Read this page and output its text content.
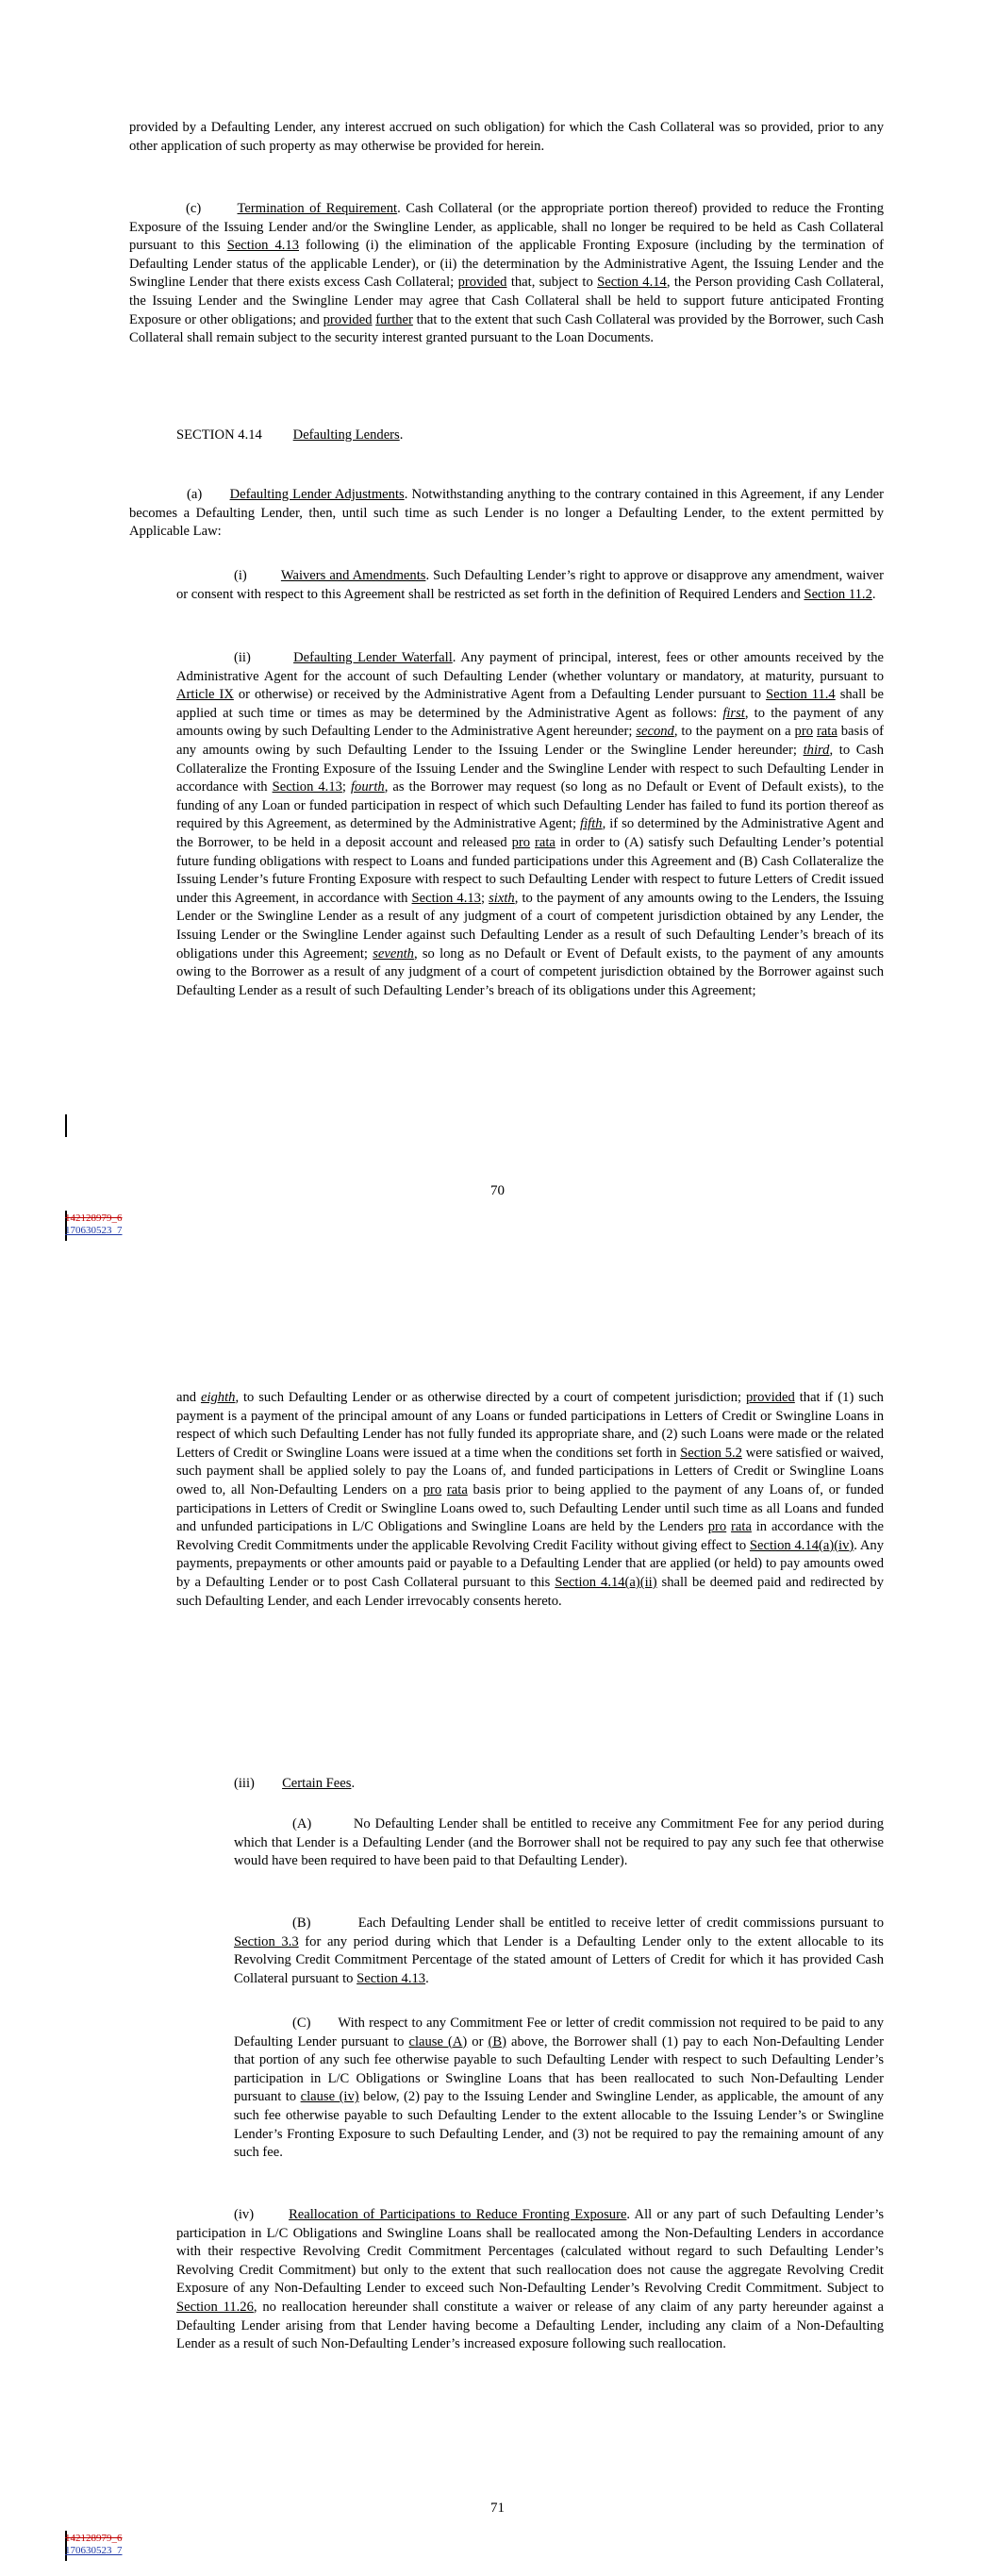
provided by a Defaulting Lender, any interest accrued on such obligation) for which the Cash Collateral was so provided, prior to any other application of such property as may otherwise be provided for herein.

(c)	Termination of Requirement. Cash Collateral (or the appropriate portion thereof) provided to reduce the Fronting Exposure of the Issuing Lender and/or the Swingline Lender, as applicable, shall no longer be required to be held as Cash Collateral pursuant to this Section 4.13 following (i) the elimination of the applicable Fronting Exposure (including by the termination of Defaulting Lender status of the applicable Lender), or (ii) the determination by the Administrative Agent, the Issuing Lender and the Swingline Lender that there exists excess Cash Collateral; provided that, subject to Section 4.14, the Person providing Cash Collateral, the Issuing Lender and the Swingline Lender may agree that Cash Collateral shall be held to support future anticipated Fronting Exposure or other obligations; and provided further that to the extent that such Cash Collateral was provided by the Borrower, such Cash Collateral shall remain subject to the security interest granted pursuant to the Loan Documents.

SECTION 4.14 Defaulting Lenders.

(a) Defaulting Lender Adjustments. Notwithstanding anything to the contrary contained in this Agreement, if any Lender becomes a Defaulting Lender, then, until such time as such Lender is no longer a Defaulting Lender, to the extent permitted by Applicable Law:

(i) Waivers and Amendments. Such Defaulting Lender’s right to approve or disapprove any amendment, waiver or consent with respect to this Agreement shall be restricted as set forth in the definition of Required Lenders and Section 11.2.

(ii)	Defaulting Lender Waterfall. Any payment of principal, interest, fees or other amounts received by the Administrative Agent for the account of such Defaulting Lender (whether voluntary or mandatory, at maturity, pursuant to Article IX or otherwise) or received by the Administrative Agent from a Defaulting Lender pursuant to Section 11.4 shall be applied at such time or times as may be determined by the Administrative Agent as follows: first, to the payment of any amounts owing by such Defaulting Lender to the Administrative Agent hereunder; second, to the payment on a pro rata basis of any amounts owing by such Defaulting Lender to the Issuing Lender or the Swingline Lender hereunder; third, to Cash Collateralize the Fronting Exposure of the Issuing Lender and the Swingline Lender with respect to such Defaulting Lender in accordance with Section 4.13; fourth, as the Borrower may request (so long as no Default or Event of Default exists), to the funding of any Loan or funded participation in respect of which such Defaulting Lender has failed to fund its portion thereof as required by this Agreement, as determined by the Administrative Agent; fifth, if so determined by the Administrative Agent and the Borrower, to be held in a deposit account and released pro rata in order to (A) satisfy such Defaulting Lender’s potential future funding obligations with respect to Loans and funded participations under this Agreement and (B) Cash Collateralize the Issuing Lender’s future Fronting Exposure with respect to such Defaulting Lender with respect to future Letters of Credit issued under this Agreement, in accordance with Section 4.13; sixth, to the payment of any amounts owing to the Lenders, the Issuing Lender or the Swingline Lender as a result of any judgment of a court of competent jurisdiction obtained by any Lender, the Issuing Lender or the Swingline Lender against such Defaulting Lender as a result of such Defaulting Lender’s breach of its obligations under this Agreement; seventh, so long as no Default or Event of Default exists, to the payment of any amounts owing to the Borrower as a result of any judgment of a court of competent jurisdiction obtained by the Borrower against such Defaulting Lender as a result of such Defaulting Lender’s breach of its obligations under this Agreement;

70
142128979_6
170630523_7

and eighth, to such Defaulting Lender or as otherwise directed by a court of competent jurisdiction; provided that if (1) such payment is a payment of the principal amount of any Loans or funded participations in Letters of Credit or Swingline Loans in respect of which such Defaulting Lender has not fully funded its appropriate share, and (2) such Loans were made or the related Letters of Credit or Swingline Loans were issued at a time when the conditions set forth in Section 5.2 were satisfied or waived, such payment shall be applied solely to pay the Loans of, and funded participations in Letters of Credit or Swingline Loans owed to, all Non-Defaulting Lenders on a pro rata basis prior to being applied to the payment of any Loans of, or funded participations in Letters of Credit or Swingline Loans owed to, such Defaulting Lender until such time as all Loans and funded and unfunded participations in L/C Obligations and Swingline Loans are held by the Lenders pro rata in accordance with the Revolving Credit Commitments under the applicable Revolving Credit Facility without giving effect to Section 4.14(a)(iv). Any payments, prepayments or other amounts paid or payable to a Defaulting Lender that are applied (or held) to pay amounts owed by a Defaulting Lender or to post Cash Collateral pursuant to this Section 4.14(a)(ii) shall be deemed paid and redirected by such Defaulting Lender, and each Lender irrevocably consents hereto.

(iii) Certain Fees.

(A)	No Defaulting Lender shall be entitled to receive any Commitment Fee for any period during which that Lender is a Defaulting Lender (and the Borrower shall not be required to pay any such fee that otherwise would have been required to have been paid to that Defaulting Lender).

(B)	Each Defaulting Lender shall be entitled to receive letter of credit commissions pursuant to Section 3.3 for any period during which that Lender is a Defaulting Lender only to the extent allocable to its Revolving Credit Commitment Percentage of the stated amount of Letters of Credit for which it has provided Cash Collateral pursuant to Section 4.13.

(C) With respect to any Commitment Fee or letter of credit commission not required to be paid to any Defaulting Lender pursuant to clause (A) or (B) above, the Borrower shall (1) pay to each Non-Defaulting Lender that portion of any such fee otherwise payable to such Defaulting Lender with respect to such Defaulting Lender’s participation in L/C Obligations or Swingline Loans that has been reallocated to such Non-Defaulting Lender pursuant to clause (iv) below, (2) pay to the Issuing Lender and Swingline Lender, as applicable, the amount of any such fee otherwise payable to such Defaulting Lender to the extent allocable to the Issuing Lender’s or Swingline Lender’s Fronting Exposure to such Defaulting Lender, and (3) not be required to pay the remaining amount of any such fee.

(iv)	Reallocation of Participations to Reduce Fronting Exposure. All or any part of such Defaulting Lender’s participation in L/C Obligations and Swingline Loans shall be reallocated among the Non-Defaulting Lenders in accordance with their respective Revolving Credit Commitment Percentages (calculated without regard to such Defaulting Lender’s Revolving Credit Commitment) but only to the extent that such reallocation does not cause the aggregate Revolving Credit Exposure of any Non-Defaulting Lender to exceed such Non-Defaulting Lender’s Revolving Credit Commitment. Subject to Section 11.26, no reallocation hereunder shall constitute a waiver or release of any claim of any party hereunder against a Defaulting Lender arising from that Lender having become a Defaulting Lender, including any claim of a Non-Defaulting Lender as a result of such Non-Defaulting Lender’s increased exposure following such reallocation.

71
142128979_6
170630523_7
